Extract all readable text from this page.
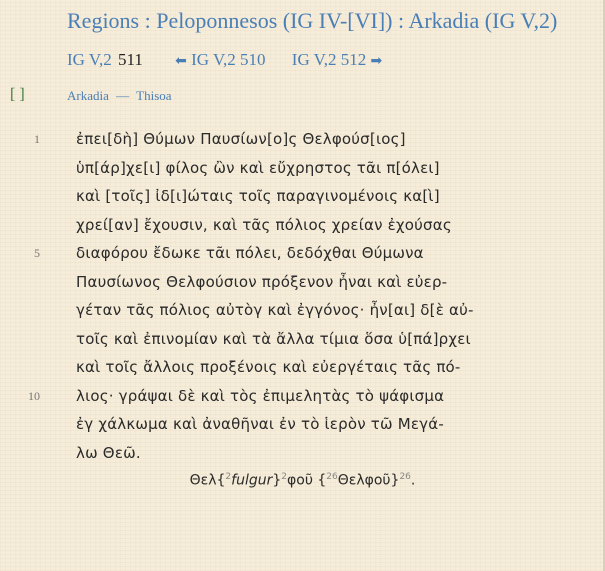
Regions : Peloponnesos (IG IV-[VI]) : Arkadia (IG V,2)
IG V,2 511 ⬅ IG V,2 510 IG V,2 512 ➡
[ ]	Arkadia — Thisoa
1 ἐπει[δὴ] Θύμων Παυσίων[ο]ς Θελφούσ[ιος]
ὑπ[άρ]χε[ι] φίλος ὢν καὶ εὔχρηστος τᾶι π[όλει]
καὶ [τοῖς] ἰδ[ι]ώταις τοῖς παραγινομένοις κα[ὶ]
χρεί[αν] ἔχουσιν, καὶ τᾶς πόλιος χρείαν ἐχούσας
5 διαφόρου ἔδωκε τᾶι πόλει, δεδόχθαι Θύμωνα
Παυσίωνος Θελφούσιον πρόξενον ἦναι καὶ εὐερ-
γέταν τᾶς πόλιος αὐτὸγ καὶ ἐγγόνος· ἦν[αι] δ[ὲ αὐ-
τοῖς καὶ ἐπινομίαν καὶ τὰ ἄλλα τίμια ὅσα ὑ[πά]ρχει
καὶ τοῖς ἄλλοις προξένοις καὶ εὐεργέταις τᾶς πό-
10 λιος· γράψαι δὲ καὶ τὸς ἐπιμελητὰς τὸ ψάφισμα
ἐγ χάλκωμα καὶ ἀναθῆναι ἐν τὸ ἱερὸν τῶ Μεγά-
λω Θεῶ.
Θελ{$^2$fulgur}$^2$φοῦ {$^{26}$Θελφοῦ}$^{26}$.
